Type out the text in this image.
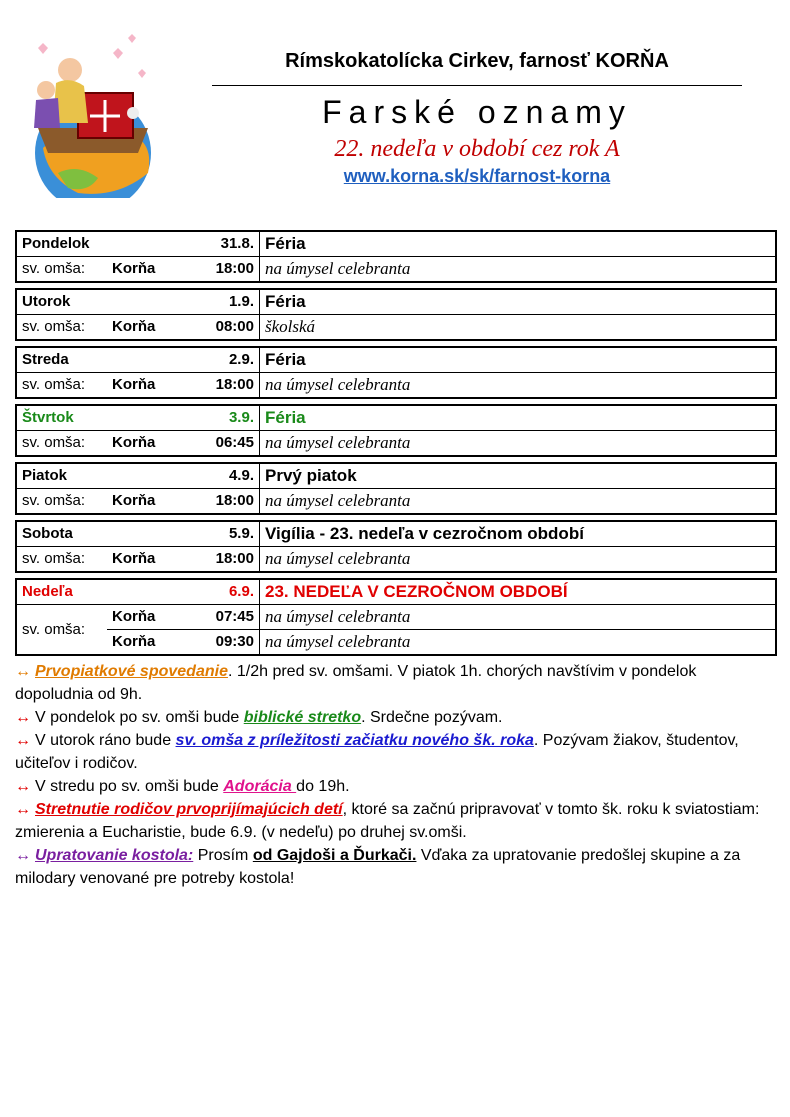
Rímskokatolícka Cirkev, farnosť KORŇA
Farské oznamy
22. nedeľa v období cez rok A
www.korna.sk/sk/farnost-korna
Pondelok	31.8. Féria
sv. omša:	Korňa	18:00 na úmysel celebranta
Utorok	1.9. Féria
sv. omša:	Korňa	08:00 školská
Streda	2.9. Féria
sv. omša:	Korňa	18:00 na úmysel celebranta
Štvrtok	3.9. Féria
sv. omša:	Korňa	06:45 na úmysel celebranta
Piatok	4.9. Prvý piatok
sv. omša:	Korňa	18:00 na úmysel celebranta
Sobota	5.9. Vigília - 23. nedeľa v cezročnom období
sv. omša:	Korňa	18:00 na úmysel celebranta
Nedeľa	6.9. 23. NEDEĽA V CEZROČNOM OBDOBÍ
sv. omša:
Korňa	07:45 na úmysel celebranta
Korňa	09:30 na úmysel celebranta

↔ Prvopiatkové spovedanie. 1/2h pred sv. omšami. V piatok 1h. chorých navštívim v pondelok dopoludnia od 9h.

↔ V pondelok po sv. omši bude biblické stretko. Srdečne pozývam.

↔ V utorok ráno bude sv. omša z príležitosti začiatku nového šk. roka. Pozývam žiakov, študentov, učiteľov i rodičov.

↔ V stredu po sv. omši bude Adorácia do 19h.

↔ Stretnutie rodičov prvoprijímajúcich detí, ktoré sa začnú pripravovať v tomto šk. roku k sviatostiam: zmierenia a Eucharistie, bude 6.9. (v nedeľu) po druhej sv.omši.

↔ Upratovanie kostola: Prosím od Gajdoši a Ďurkači. Vďaka za upratovanie predošlej skupine a za milodary venované pre potreby kostola!
